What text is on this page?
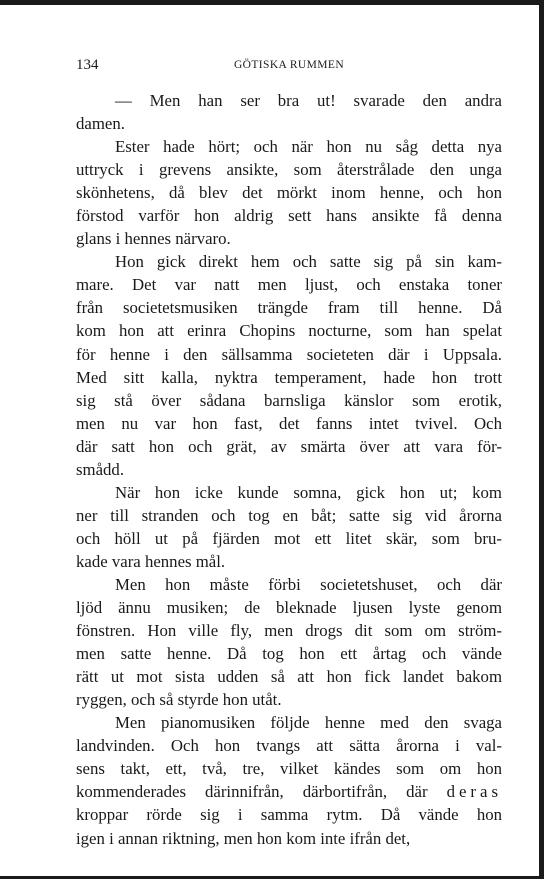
134	GÖTISKA RUMMEN

— Men han ser bra ut! svarade den andra
damen.

Ester hade hört; och när hon nu såg detta nya
uttryck i grevens ansikte, som återstrålade den unga
skönhetens, då blev det mörkt inom henne, och hon
förstod varför hon aldrig sett hans ansikte få denna
glans i hennes närvaro.

Hon gick direkt hem och satte sig på sin kam-
mare. Det var natt men ljust, och enstaka toner
från societetsmusiken trängde fram till henne. Då
kom hon att erinra Chopins nocturne, som han spelat
för henne i den sällsamma societeten där i Uppsala.
Med sitt kalla, nyktra temperament, hade hon trott
sig stå över sådana barnsliga känslor som erotik,
men nu var hon fast, det fanns intet tvivel. Och
där satt hon och grät, av smärta över att vara för-
smådd.

När hon icke kunde somna, gick hon ut; kom
ner till stranden och tog en båt; satte sig vid årorna
och höll ut på fjärden mot ett litet skär, som bru-
kade vara hennes mål.

Men hon måste förbi societetshuset, och där
ljöd ännu musiken; de bleknade ljusen lyste genom
fönstren. Hon ville fly, men drogs dit som om ström-
men satte henne. Då tog hon ett årtag och vände
rätt ut mot sista udden så att hon fick landet bakom
ryggen, och så styrde hon utåt.

Men pianomusiken följde henne med den svaga
landvinden. Och hon tvangs att sätta årorna i val-
sens takt, ett, två, tre, vilket kändes som om hon
kommenderades därinnifrån, därbortifrån, där deras
kroppar rörde sig i samma rytm. Då vände hon
igen i annan riktning, men hon kom inte ifrån det,
